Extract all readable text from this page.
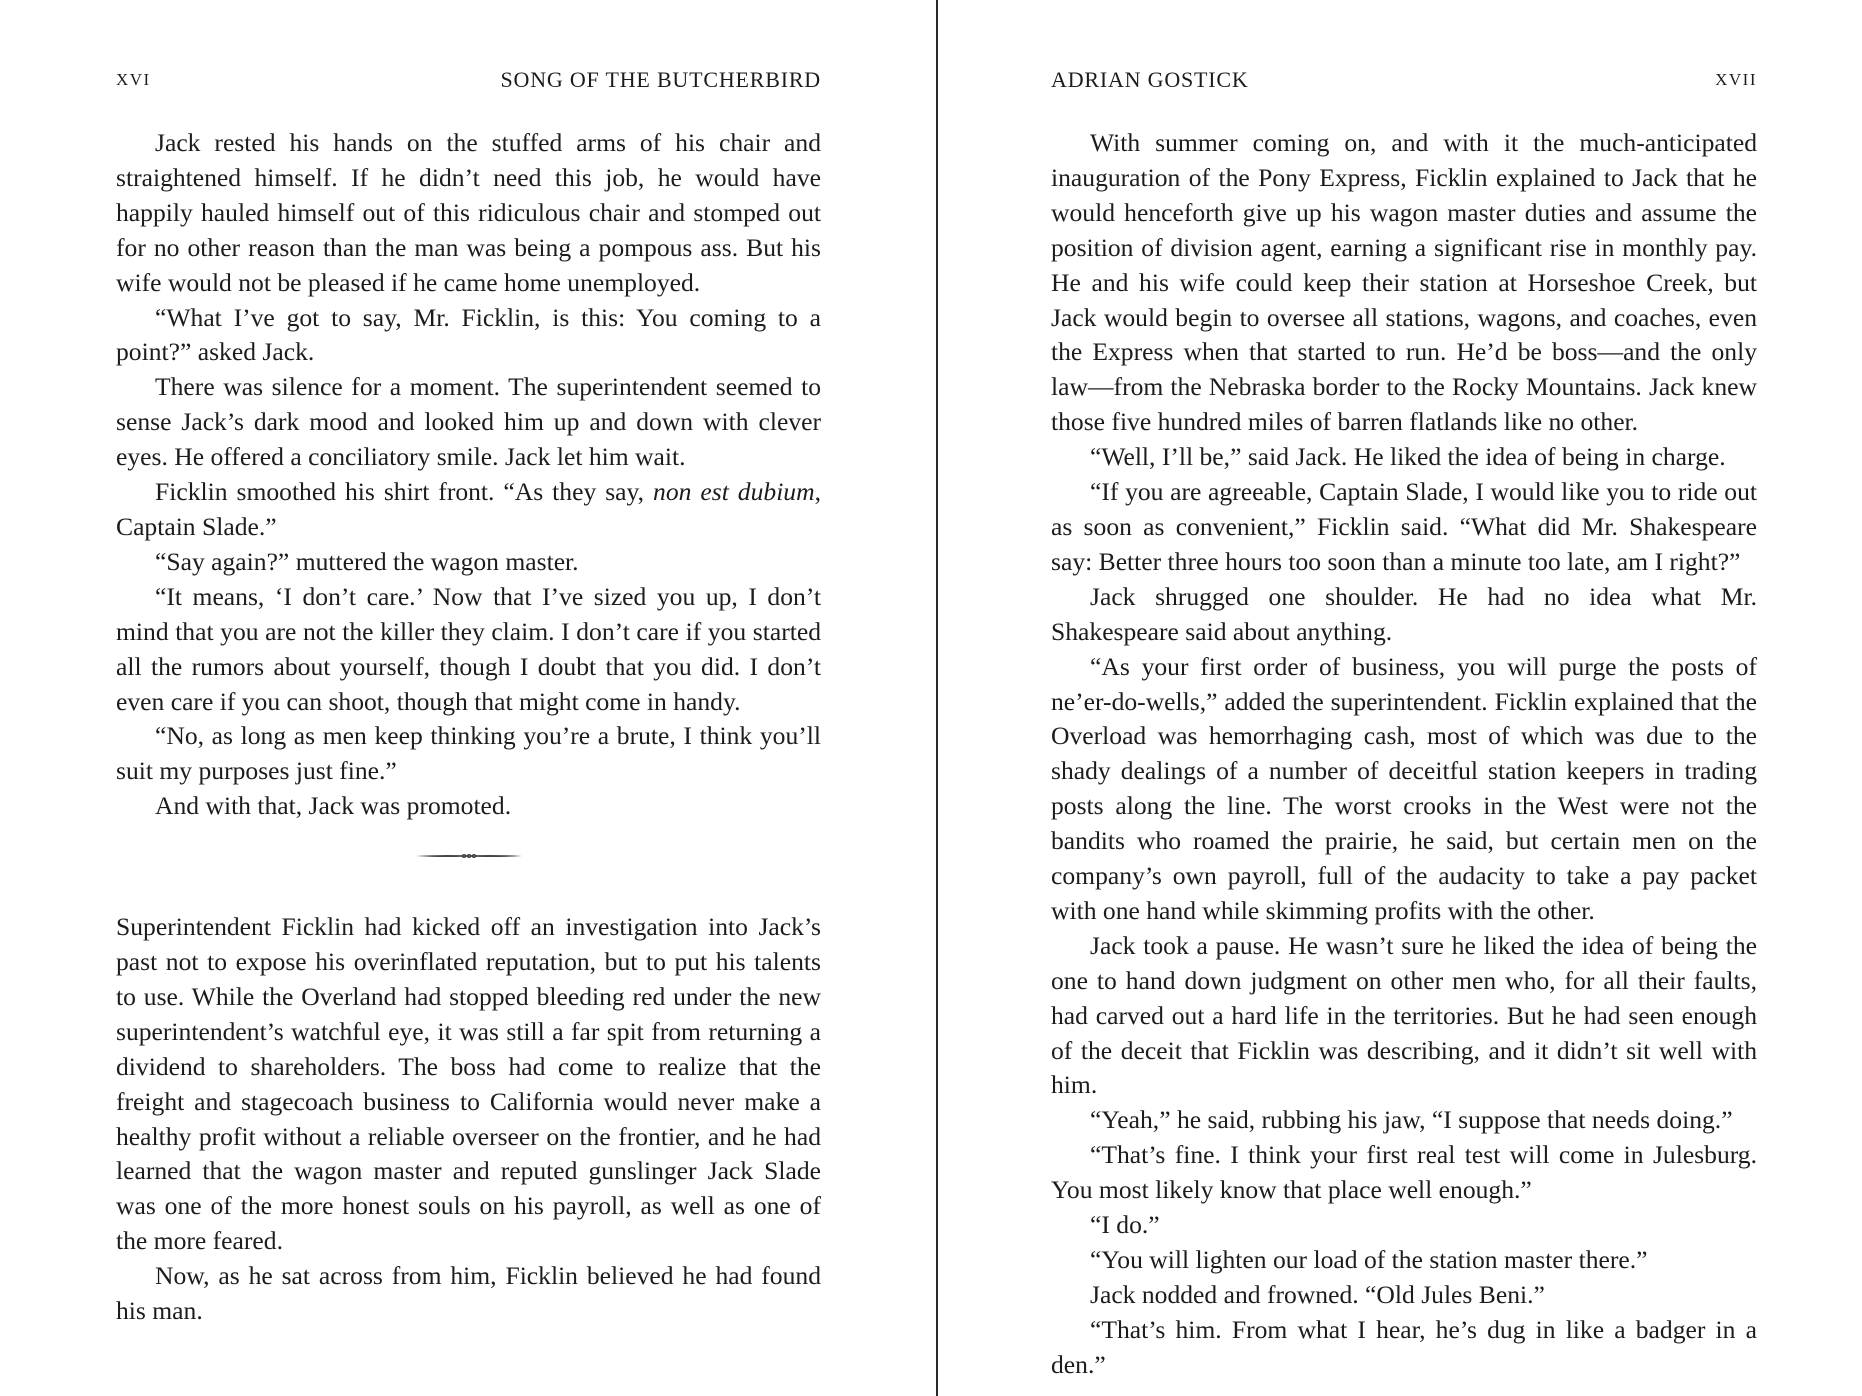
XVI	SONG OF THE BUTCHERBIRD

Jack rested his hands on the stuffed arms of his chair and straightened himself. If he didn’t need this job, he would have happily hauled himself out of this ridiculous chair and stomped out for no other reason than the man was being a pompous ass. But his wife would not be pleased if he came home unemployed.

“What I’ve got to say, Mr. Ficklin, is this: You coming to a point?” asked Jack.

There was silence for a moment. The superintendent seemed to sense Jack’s dark mood and looked him up and down with clever eyes. He offered a conciliatory smile. Jack let him wait.

Ficklin smoothed his shirt front. “As they say, non est dubium, Captain Slade.”

“Say again?” muttered the wagon master.

“It means, ‘I don’t care.’ Now that I’ve sized you up, I don’t mind that you are not the killer they claim. I don’t care if you started all the rumors about yourself, though I doubt that you did. I don’t even care if you can shoot, though that might come in handy.

“No, as long as men keep thinking you’re a brute, I think you’ll suit my purposes just fine.”

And with that, Jack was promoted.

Superintendent Ficklin had kicked off an investigation into Jack’s past not to expose his overinflated reputation, but to put his talents to use. While the Overland had stopped bleeding red under the new superintendent’s watchful eye, it was still a far spit from returning a dividend to shareholders. The boss had come to realize that the freight and stagecoach business to California would never make a healthy profit without a reliable overseer on the frontier, and he had learned that the wagon master and reputed gunslinger Jack Slade was one of the more honest souls on his payroll, as well as one of the more feared.

Now, as he sat across from him, Ficklin believed he had found his man.

ADRIAN GOSTICK	XVII

With summer coming on, and with it the much-anticipated inauguration of the Pony Express, Ficklin explained to Jack that he would henceforth give up his wagon master duties and assume the position of division agent, earning a significant rise in monthly pay. He and his wife could keep their station at Horseshoe Creek, but Jack would begin to oversee all stations, wagons, and coaches, even the Express when that started to run. He’d be boss—and the only law—from the Nebraska border to the Rocky Mountains. Jack knew those five hundred miles of barren flatlands like no other.

“Well, I’ll be,” said Jack. He liked the idea of being in charge.

“If you are agreeable, Captain Slade, I would like you to ride out as soon as convenient,” Ficklin said. “What did Mr. Shakespeare say: Better three hours too soon than a minute too late, am I right?”

Jack shrugged one shoulder. He had no idea what Mr. Shakespeare said about anything.

“As your first order of business, you will purge the posts of ne’er-do-wells,” added the superintendent. Ficklin explained that the Overload was hemorrhaging cash, most of which was due to the shady dealings of a number of deceitful station keepers in trading posts along the line. The worst crooks in the West were not the bandits who roamed the prairie, he said, but certain men on the company’s own payroll, full of the audacity to take a pay packet with one hand while skimming profits with the other.

Jack took a pause. He wasn’t sure he liked the idea of being the one to hand down judgment on other men who, for all their faults, had carved out a hard life in the territories. But he had seen enough of the deceit that Ficklin was describing, and it didn’t sit well with him.

“Yeah,” he said, rubbing his jaw, “I suppose that needs doing.”

“That’s fine. I think your first real test will come in Julesburg. You most likely know that place well enough.”

“I do.”

“You will lighten our load of the station master there.”

Jack nodded and frowned. “Old Jules Beni.”

“That’s him. From what I hear, he’s dug in like a badger in a den.”
